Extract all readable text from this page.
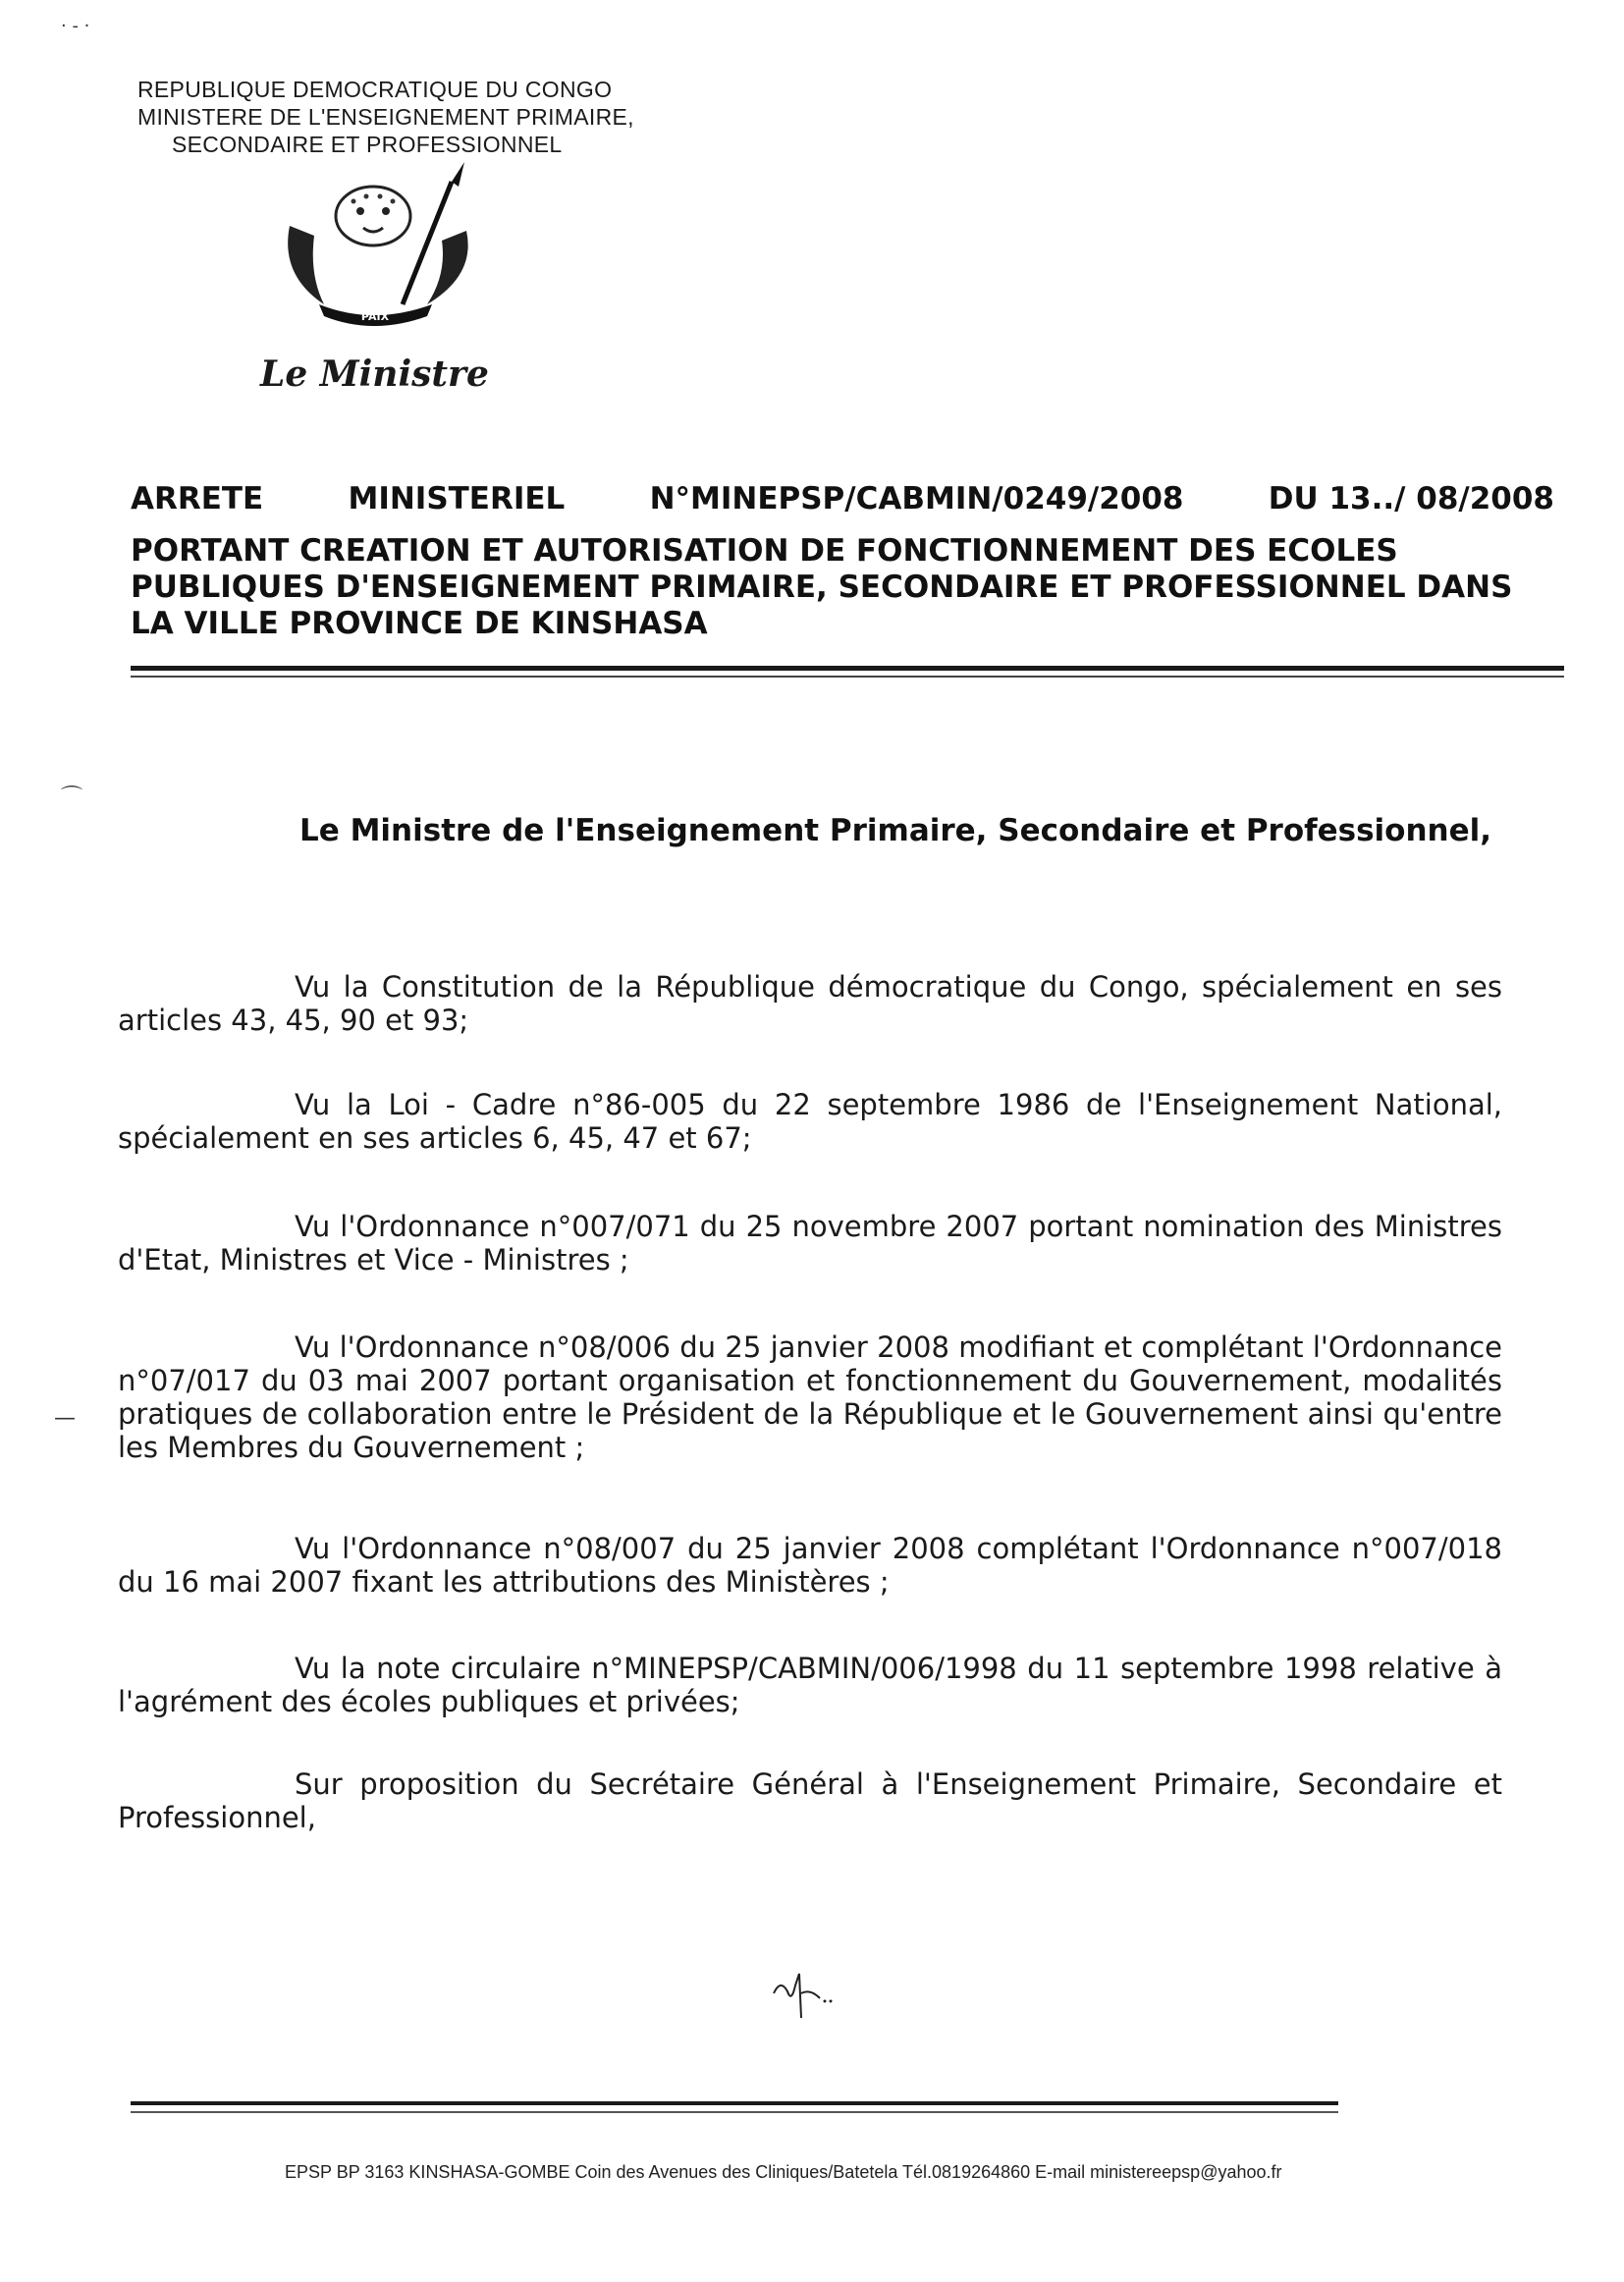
REPUBLIQUE DEMOCRATIQUE DU CONGO
MINISTERE DE L'ENSEIGNEMENT PRIMAIRE,
SECONDAIRE ET PROFESSIONNEL
PAIX
Le Ministre
ARRETE	MINISTERIEL	N°MINEPSP/CABMIN/0249/2008	DU 13../ 08/2008
PORTANT CREATION ET AUTORISATION DE FONCTIONNEMENT DES ECOLES
PUBLIQUES D'ENSEIGNEMENT PRIMAIRE, SECONDAIRE ET PROFESSIONNEL DANS
LA VILLE PROVINCE DE KINSHASA
Le Ministre de l'Enseignement Primaire, Secondaire et Professionnel,
Vu la Constitution de la République démocratique du Congo, spécialement en ses articles 43, 45, 90 et 93;
Vu la Loi - Cadre n°86-005 du 22 septembre 1986 de l'Enseignement National, spécialement en ses articles 6, 45, 47 et 67;
Vu l'Ordonnance n°007/071 du 25 novembre 2007 portant nomination des Ministres d'Etat, Ministres et Vice - Ministres ;
Vu l'Ordonnance n°08/006 du 25 janvier 2008 modifiant et complétant l'Ordonnance n°07/017 du 03 mai 2007 portant organisation et fonctionnement du Gouvernement, modalités pratiques de collaboration entre le Président de la République et le Gouvernement ainsi qu'entre les Membres du Gouvernement ;
Vu l'Ordonnance n°08/007 du 25 janvier 2008 complétant l'Ordonnance n°007/018 du 16 mai 2007 fixant les attributions des Ministères ;
Vu la note circulaire n°MINEPSP/CABMIN/006/1998 du 11 septembre 1998 relative à l'agrément des écoles publiques et privées;
Sur proposition du Secrétaire Général à l'Enseignement Primaire, Secondaire et Professionnel,
EPSP BP 3163 KINSHASA-GOMBE Coin des Avenues des Cliniques/Batetela Tél.0819264860 E-mail ministereepsp@yahoo.fr
· - ·
⌒
—
